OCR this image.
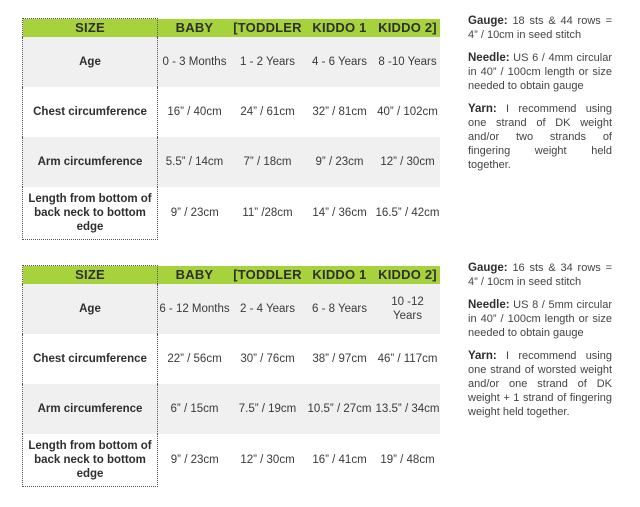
SIZE	BABY	[TODDLER	KIDDO 1	KIDDO 2]
Age	0 - 3 Months	1 - 2 Years	4 - 6 Years	8 -10 Years
Chest circumference	16” / 40cm	24” / 61cm	32” / 81cm	40” / 102cm
Arm circumference	5.5” / 14cm	7” / 18cm	9” / 23cm	12” / 30cm
Length from bottom of back neck to bottom edge	9” / 23cm	11” /28cm	14” / 36cm	16.5” / 42cm

Gauge: 18 sts & 44 rows = 4” / 10cm in seed stitch

Needle: US 6 / 4mm circular in 40” / 100cm length or size needed to obtain gauge

Yarn: I recommend using one strand of DK weight and/or two strands of fingering weight held together.

SIZE	BABY	[TODDLER	KIDDO 1	KIDDO 2]
Age	6 - 12 Months	2 - 4 Years	6 - 8 Years	10 -12 Years
Chest circumference	22” / 56cm	30” / 76cm	38” / 97cm	46” / 117cm
Arm circumference	6” / 15cm	7.5” / 19cm	10.5” / 27cm	13.5” / 34cm
Length from bottom of back neck to bottom edge	9” / 23cm	12” / 30cm	16” / 41cm	19” / 48cm

Gauge: 16 sts & 34 rows = 4” / 10cm in seed stitch

Needle: US 8 / 5mm circular in 40” / 100cm length or size needed to obtain gauge

Yarn: I recommend using one strand of worsted weight and/or one strand of DK weight + 1 strand of fingering weight held together.
